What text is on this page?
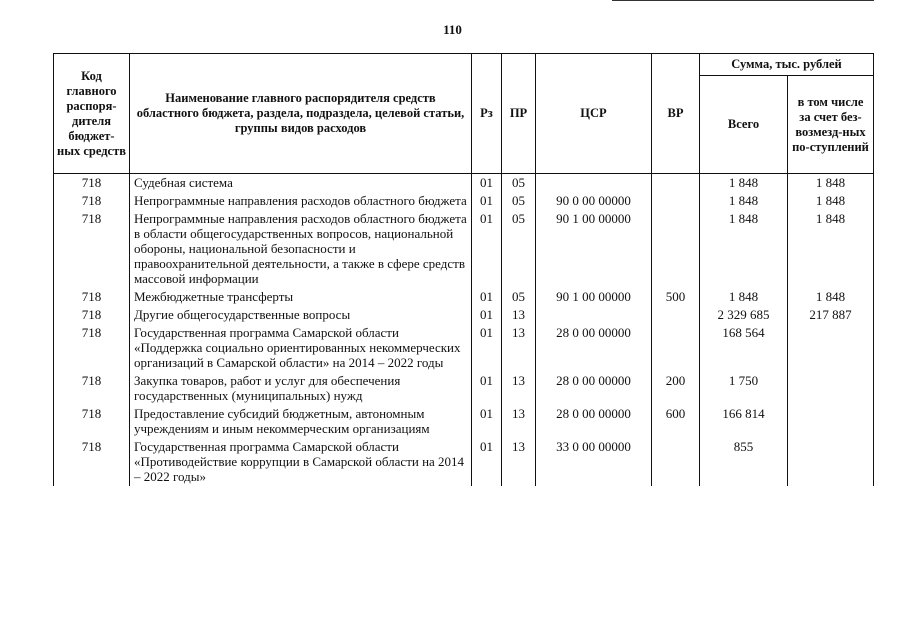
110
Код главного распоря-дителя бюджет-ных средств	Наименование главного распорядителя средств областного бюджета, раздела, подраздела, целевой статьи, группы видов расходов	Рз	ПР	ЦСР	ВР	Сумма, тыс. рублей	
						Всего	в том числе за счет без-возмезд-ных по-ступлений
718	Судебная система	01	05			1 848	1 848
718	Непрограммные направления расходов областного бюджета	01	05	90 0 00 00000		1 848	1 848
718	Непрограммные направления расходов областного бюджета в области общегосударственных вопросов, национальной обороны, национальной безопасности и правоохранительной деятельности, а также в сфере средств массовой информации	01	05	90 1 00 00000		1 848	1 848
718	Межбюджетные трансферты	01	05	90 1 00 00000	500	1 848	1 848
718	Другие общегосударственные вопросы	01	13			2 329 685	217 887
718	Государственная программа Самарской области «Поддержка социально ориентированных некоммерческих организаций в Самарской области» на 2014 – 2022 годы	01	13	28 0 00 00000		168 564	
718	Закупка товаров, работ и услуг для обеспечения государственных (муниципальных) нужд	01	13	28 0 00 00000	200	1 750	
718	Предоставление субсидий бюджетным, автономным учреждениям и иным некоммерческим организациям	01	13	28 0 00 00000	600	166 814	
718	Государственная программа Самарской области «Противодействие коррупции в Самарской области на 2014 – 2022 годы»	01	13	33 0 00 00000		855	
